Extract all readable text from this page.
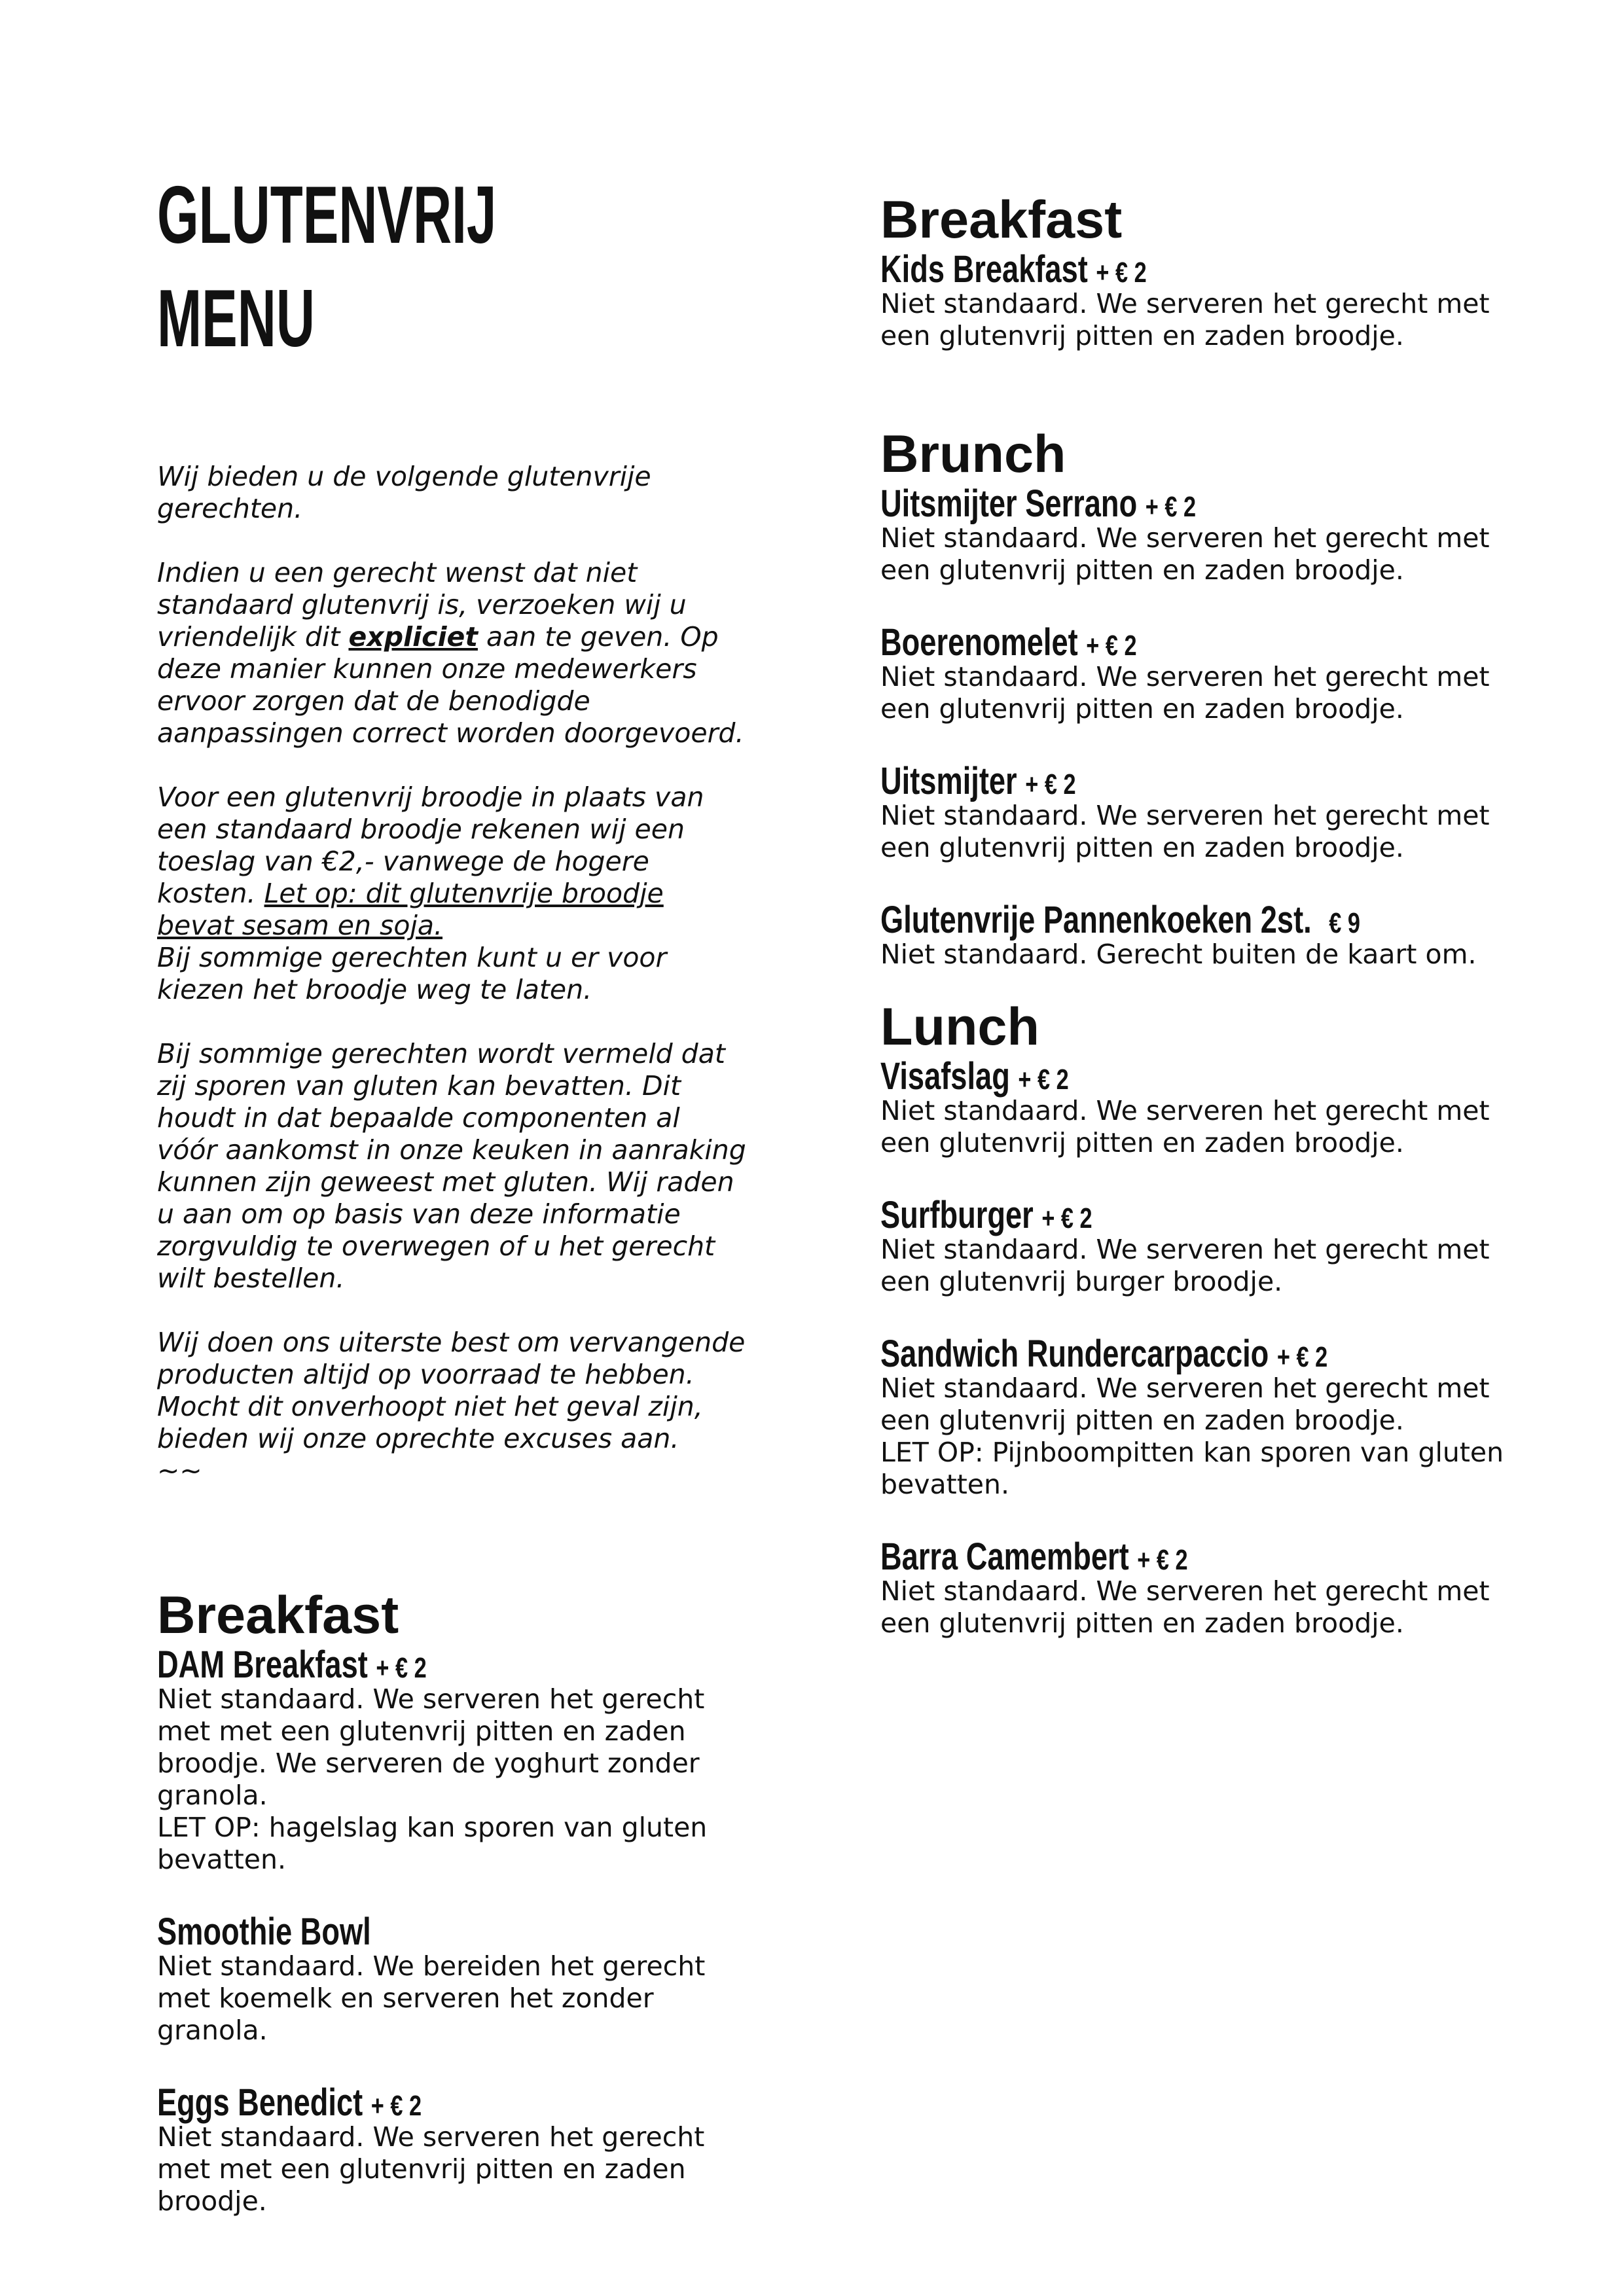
GLUTENVRIJ
MENU

Wij bieden u de volgende glutenvrije gerechten.

Indien u een gerecht wenst dat niet standaard glutenvrij is, verzoeken wij u vriendelijk dit expliciet aan te geven. Op deze manier kunnen onze medewerkers ervoor zorgen dat de benodigde aanpassingen correct worden doorgevoerd.

Voor een glutenvrij broodje in plaats van een standaard broodje rekenen wij een toeslag van €2,- vanwege de hogere kosten. Let op: dit glutenvrije broodje bevat sesam en soja.

Bij sommige gerechten kunt u er voor kiezen het broodje weg te laten.

Bij sommige gerechten wordt vermeld dat zij sporen van gluten kan bevatten. Dit houdt in dat bepaalde componenten al vóór aankomst in onze keuken in aanraking kunnen zijn geweest met gluten. Wij raden u aan om op basis van deze informatie zorgvuldig te overwegen of u het gerecht wilt bestellen.

Wij doen ons uiterste best om vervangende producten altijd op voorraad te hebben. Mocht dit onverhoopt niet het geval zijn, bieden wij onze oprechte excuses aan.

~~

Breakfast
DAM Breakfast + € 2

Niet standaard. We serveren het gerecht met met een glutenvrij pitten en zaden broodje. We serveren de yoghurt zonder granola.
LET OP: hagelslag kan sporen van gluten bevatten.

Smoothie Bowl

Niet standaard. We bereiden het gerecht met koemelk en serveren het zonder granola.

Eggs Benedict + € 2

Niet standaard. We serveren het gerecht met met een glutenvrij pitten en zaden broodje.

Breakfast
Kids Breakfast + € 2

Niet standaard. We serveren het gerecht met een glutenvrij pitten en zaden broodje.

Brunch
Uitsmijter Serrano + € 2

Niet standaard. We serveren het gerecht met een glutenvrij pitten en zaden broodje.

Boerenomelet + € 2

Niet standaard. We serveren het gerecht met een glutenvrij pitten en zaden broodje.

Uitsmijter + € 2

Niet standaard. We serveren het gerecht met een glutenvrij pitten en zaden broodje.

Glutenvrije Pannenkoeken 2st. € 9

Niet standaard. Gerecht buiten de kaart om.

Lunch
Visafslag + € 2

Niet standaard. We serveren het gerecht met een glutenvrij pitten en zaden broodje.

Surfburger + € 2

Niet standaard. We serveren het gerecht met een glutenvrij burger broodje.

Sandwich Rundercarpaccio + € 2

Niet standaard. We serveren het gerecht met een glutenvrij pitten en zaden broodje.
LET OP: Pijnboompitten kan sporen van gluten bevatten.

Barra Camembert + € 2

Niet standaard. We serveren het gerecht met een glutenvrij pitten en zaden broodje.
